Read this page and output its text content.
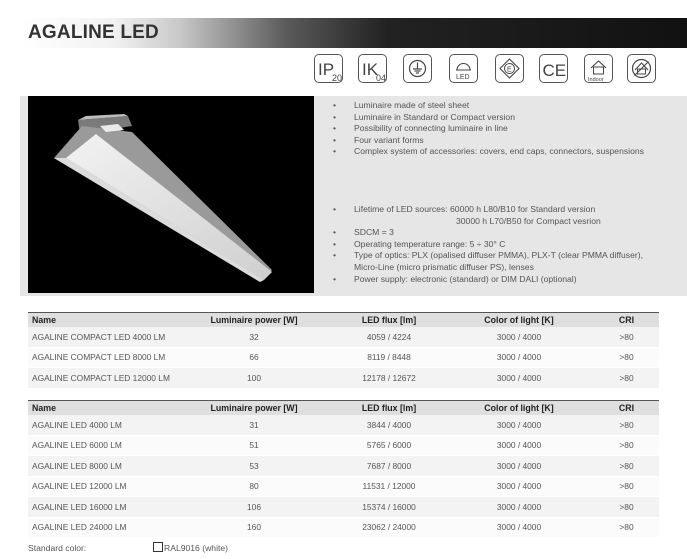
AGALINE LED
IP
20 IK
04	LED
E CE	Indoor
• Luminaire made of steel sheet
• Luminaire in Standard or Compact version
• Possibility of connecting luminaire in line
• Four variant forms
• Complex system of accessories: covers, end caps, connectors, suspensions
• Lifetime of LED sources: 60000 h L80/B10 for Standard version
30000 h L70/B50 for Compact vesrion
• SDCM = 3
• Operating temperature range: 5 ÷ 30° C
• Type of optics: PLX (opalised diffuser PMMA), PLX-T (clear PMMA diffuser),
Micro-Line (micro prismatic diffuser PS), lenses
• Power supply: electronic (standard) or DIM DALI (optional)
Name	Luminaire power [W]	LED flux [lm]	Color of light [K]	CRI
AGALINE COMPACT LED 4000 LM	32	4059 / 4224	3000 / 4000	>80
AGALINE COMPACT LED 8000 LM	66	8119 / 8448	3000 / 4000	>80
AGALINE COMPACT LED 12000 LM	100	12178 / 12672	3000 / 4000	>80
Name	Luminaire power [W]	LED flux [lm]	Color of light [K]	CRI
AGALINE LED 4000 LM	31	3844 / 4000	3000 / 4000	>80
AGALINE LED 6000 LM	51	5765 / 6000	3000 / 4000	>80
AGALINE LED 8000 LM	53	7687 / 8000	3000 / 4000	>80
AGALINE LED 12000 LM	80	11531 / 12000	3000 / 4000	>80
AGALINE LED 16000 LM	106	15374 / 16000	3000 / 4000	>80
AGALINE LED 24000 LM	160	23062 / 24000	3000 / 4000	>80
Standard color:	RAL9016 (white)
